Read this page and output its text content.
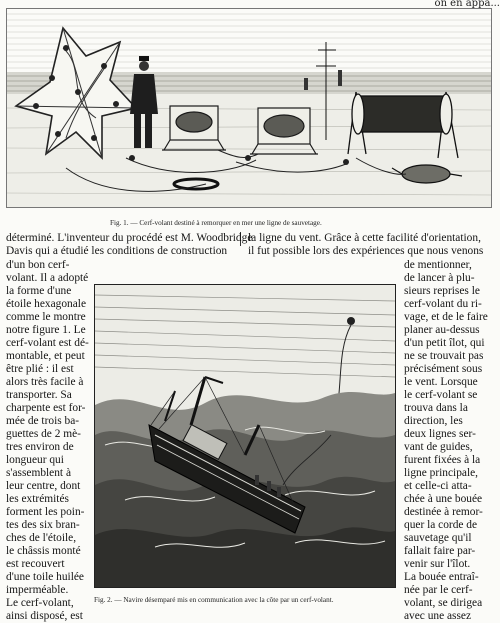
on en appa...
Fig. 1. — Cerf-volant destiné à remorquer en mer une ligne de sauvetage.
déterminé. L'inventeur du procédé est M. Woodbridge
Davis qui a étudié les conditions de construction
d'un bon cerf-
volant. Il a adopté
la forme d'une
étoile hexagonale
comme le montre
notre figure 1. Le
cerf-volant est dé-
montable, et peut
être plié : il est
alors très facile à
transporter. Sa
charpente est for-
mée de trois ba-
guettes de 2 mè-
tres environ de
longueur qui
s'assemblent à
leur centre, dont
les extrémités
forment les poin-
tes des six bran-
ches de l'étoile,
le châssis monté
est recouvert
d'une toile huilée
imperméable.
Le cerf-volant,
ainsi disposé, est
la ligne du vent. Grâce à cette facilité d'orientation,
il fut possible lors des expériences que nous venons
de mentionner,
de lancer à plu-
sieurs reprises le
cerf-volant du ri-
vage, et de le faire
planer au-dessus
d'un petit îlot, qui
ne se trouvait pas
précisément sous
le vent. Lorsque
le cerf-volant se
trouva dans la
direction, les
deux lignes ser-
vant de guides,
furent fixées à la
ligne principale,
et celle-ci atta-
chée à une bouée
destinée à remor-
quer la corde de
sauvetage qu'il
fallait faire par-
venir sur l'îlot.
La bouée entraî-
née par le cerf-
volant, se dirigea
avec une assez
Fig. 2. — Navire désemparé mis en communication avec la côte par un cerf-volant.
